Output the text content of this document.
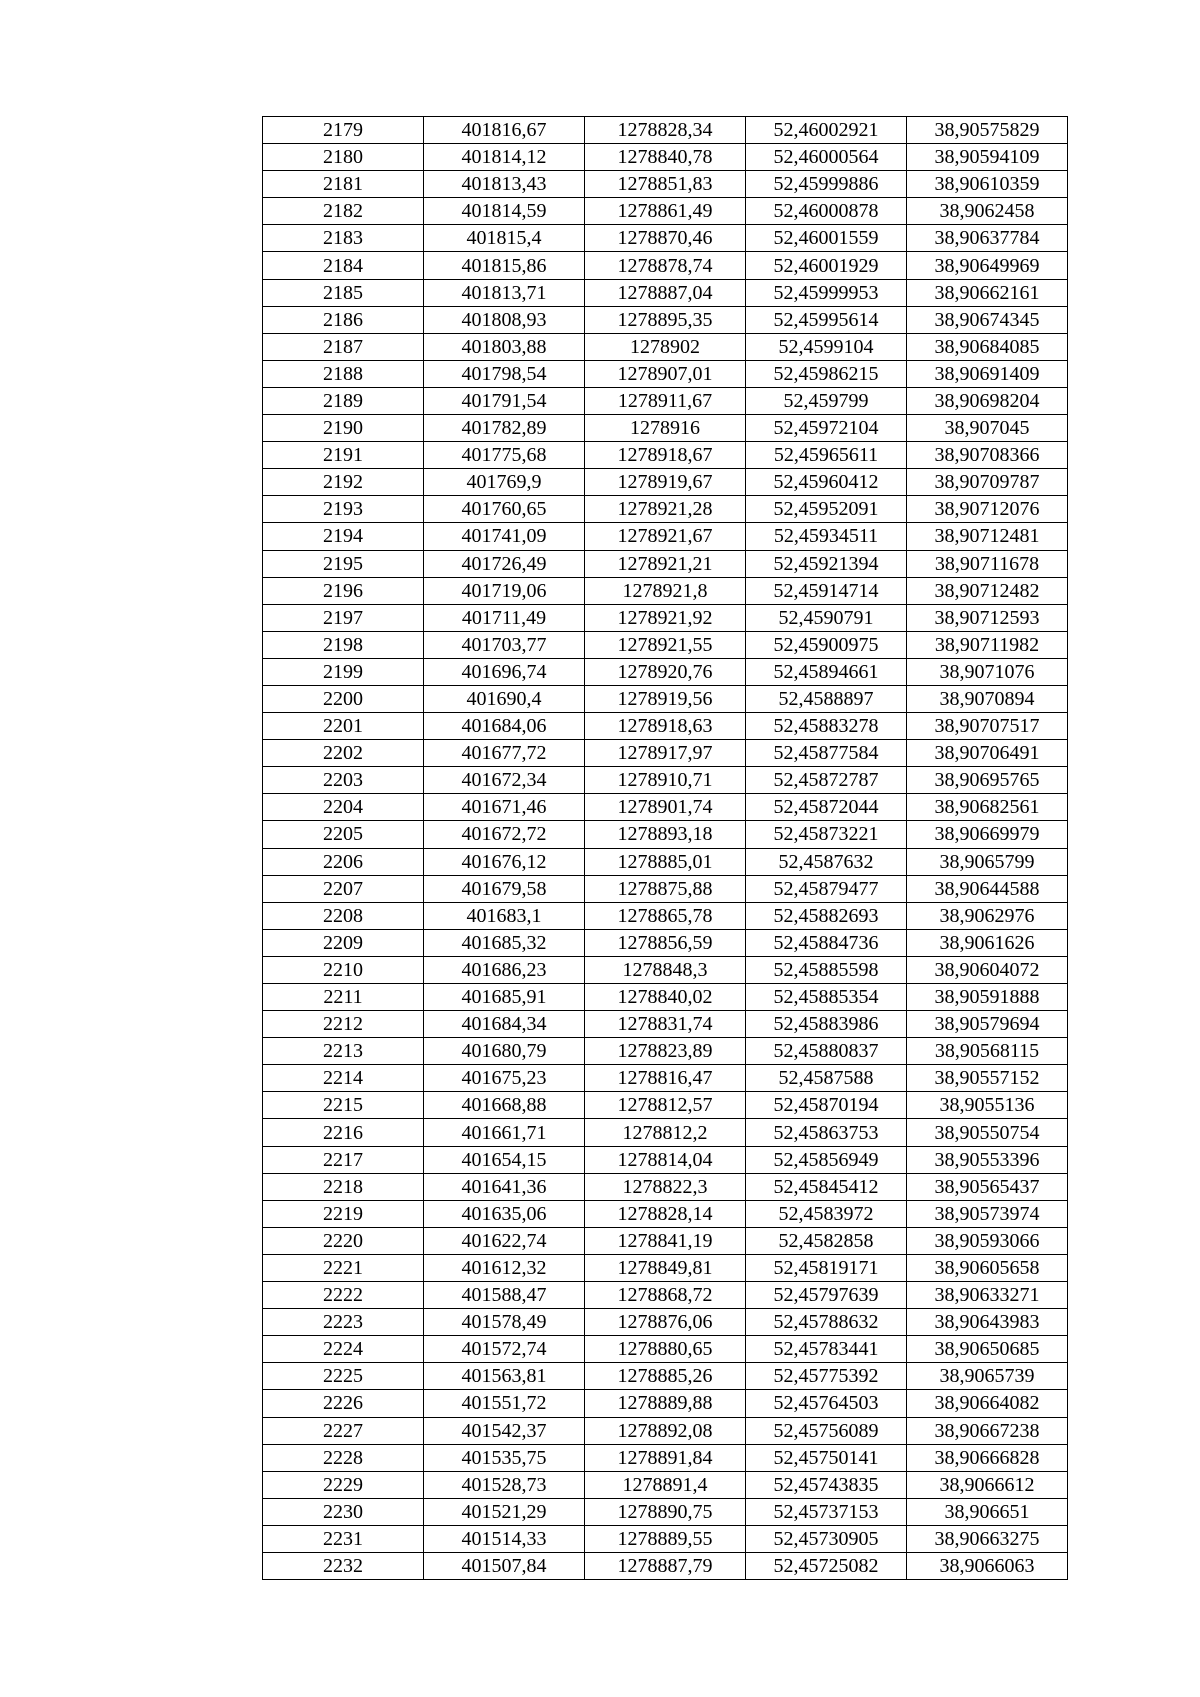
2179	401816,67	1278828,34	52,46002921	38,90575829
2180	401814,12	1278840,78	52,46000564	38,90594109
2181	401813,43	1278851,83	52,45999886	38,90610359
2182	401814,59	1278861,49	52,46000878	38,9062458
2183	401815,4	1278870,46	52,46001559	38,90637784
2184	401815,86	1278878,74	52,46001929	38,90649969
2185	401813,71	1278887,04	52,45999953	38,90662161
2186	401808,93	1278895,35	52,45995614	38,90674345
2187	401803,88	1278902	52,4599104	38,90684085
2188	401798,54	1278907,01	52,45986215	38,90691409
2189	401791,54	1278911,67	52,459799	38,90698204
2190	401782,89	1278916	52,45972104	38,907045
2191	401775,68	1278918,67	52,45965611	38,90708366
2192	401769,9	1278919,67	52,45960412	38,90709787
2193	401760,65	1278921,28	52,45952091	38,90712076
2194	401741,09	1278921,67	52,45934511	38,90712481
2195	401726,49	1278921,21	52,45921394	38,90711678
2196	401719,06	1278921,8	52,45914714	38,90712482
2197	401711,49	1278921,92	52,4590791	38,90712593
2198	401703,77	1278921,55	52,45900975	38,90711982
2199	401696,74	1278920,76	52,45894661	38,9071076
2200	401690,4	1278919,56	52,4588897	38,9070894
2201	401684,06	1278918,63	52,45883278	38,90707517
2202	401677,72	1278917,97	52,45877584	38,90706491
2203	401672,34	1278910,71	52,45872787	38,90695765
2204	401671,46	1278901,74	52,45872044	38,90682561
2205	401672,72	1278893,18	52,45873221	38,90669979
2206	401676,12	1278885,01	52,4587632	38,9065799
2207	401679,58	1278875,88	52,45879477	38,90644588
2208	401683,1	1278865,78	52,45882693	38,9062976
2209	401685,32	1278856,59	52,45884736	38,9061626
2210	401686,23	1278848,3	52,45885598	38,90604072
2211	401685,91	1278840,02	52,45885354	38,90591888
2212	401684,34	1278831,74	52,45883986	38,90579694
2213	401680,79	1278823,89	52,45880837	38,90568115
2214	401675,23	1278816,47	52,4587588	38,90557152
2215	401668,88	1278812,57	52,45870194	38,9055136
2216	401661,71	1278812,2	52,45863753	38,90550754
2217	401654,15	1278814,04	52,45856949	38,90553396
2218	401641,36	1278822,3	52,45845412	38,90565437
2219	401635,06	1278828,14	52,4583972	38,90573974
2220	401622,74	1278841,19	52,4582858	38,90593066
2221	401612,32	1278849,81	52,45819171	38,90605658
2222	401588,47	1278868,72	52,45797639	38,90633271
2223	401578,49	1278876,06	52,45788632	38,90643983
2224	401572,74	1278880,65	52,45783441	38,90650685
2225	401563,81	1278885,26	52,45775392	38,9065739
2226	401551,72	1278889,88	52,45764503	38,90664082
2227	401542,37	1278892,08	52,45756089	38,90667238
2228	401535,75	1278891,84	52,45750141	38,90666828
2229	401528,73	1278891,4	52,45743835	38,9066612
2230	401521,29	1278890,75	52,45737153	38,906651
2231	401514,33	1278889,55	52,45730905	38,90663275
2232	401507,84	1278887,79	52,45725082	38,9066063
